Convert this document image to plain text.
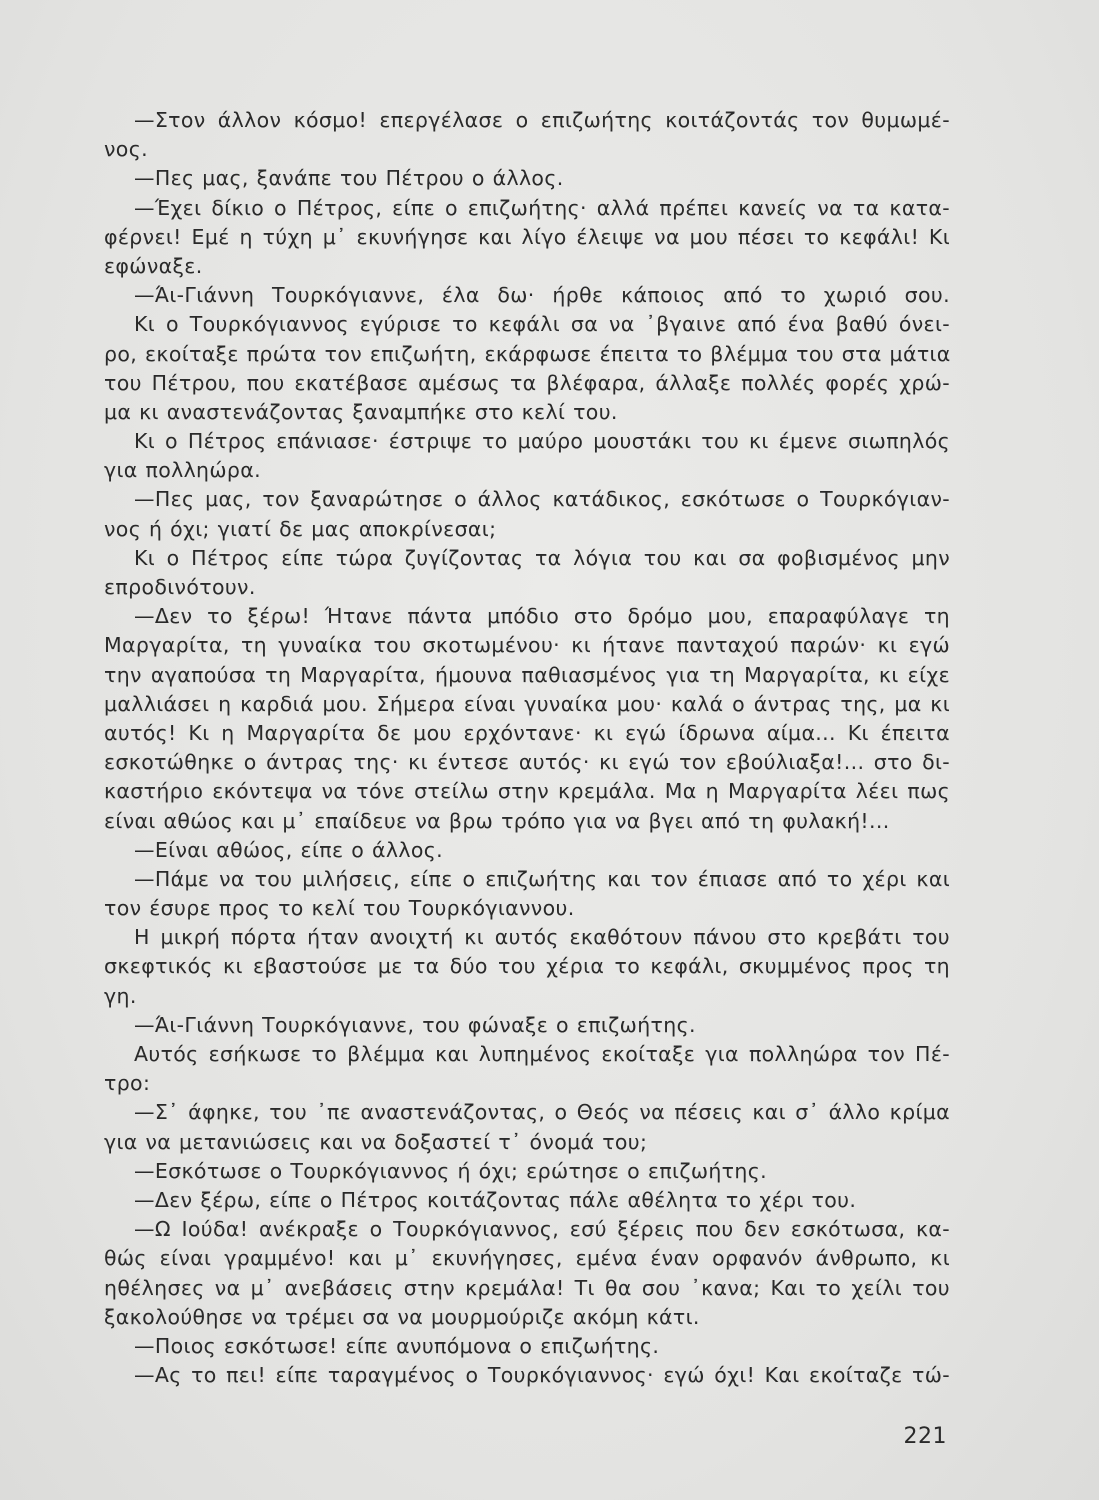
—Στον άλλον κόσμο! επεργέλασε ο επιζωήτης κοιτάζοντάς τον θυμωμέ-
νος.
—Πες μας, ξανάπε του Πέτρου ο άλλος.
—Έχει δίκιο ο Πέτρος, είπε ο επιζωήτης· αλλά πρέπει κανείς να τα κατα-
φέρνει! Εμέ η τύχη μ᾽ εκυνήγησε και λίγο έλειψε να μου πέσει το κεφάλι! Κι
εφώναξε.
—Άι-Γιάννη Τουρκόγιαννε, έλα δω· ήρθε κάποιος από το χωριό σου.
Κι ο Τουρκόγιαννος εγύρισε το κεφάλι σα να ᾽βγαινε από ένα βαθύ όνει-
ρο, εκοίταξε πρώτα τον επιζωήτη, εκάρφωσε έπειτα το βλέμμα του στα μάτια
του Πέτρου, που εκατέβασε αμέσως τα βλέφαρα, άλλαξε πολλές φορές χρώ-
μα κι αναστενάζοντας ξαναμπήκε στο κελί του.
Κι ο Πέτρος επάνιασε· έστριψε το μαύρο μουστάκι του κι έμενε σιωπηλός
για πολληώρα.
—Πες μας, τον ξαναρώτησε ο άλλος κατάδικος, εσκότωσε ο Τουρκόγιαν-
νος ή όχι; γιατί δε μας αποκρίνεσαι;
Κι ο Πέτρος είπε τώρα ζυγίζοντας τα λόγια του και σα φοβισμένος μην
επροδινότουν.
—Δεν το ξέρω! Ήτανε πάντα μπόδιο στο δρόμο μου, επαραφύλαγε τη
Μαργαρίτα, τη γυναίκα του σκοτωμένου· κι ήτανε πανταχού παρών· κι εγώ
την αγαπούσα τη Μαργαρίτα, ήμουνα παθιασμένος για τη Μαργαρίτα, κι είχε
μαλλιάσει η καρδιά μου. Σήμερα είναι γυναίκα μου· καλά ο άντρας της, μα κι
αυτός! Κι η Μαργαρίτα δε μου ερχόντανε· κι εγώ ίδρωνα αίμα... Κι έπειτα
εσκοτώθηκε ο άντρας της· κι έντεσε αυτός· κι εγώ τον εβούλιαξα!... στο δι-
καστήριο εκόντεψα να τόνε στείλω στην κρεμάλα. Μα η Μαργαρίτα λέει πως
είναι αθώος και μ᾽ επαίδευε να βρω τρόπο για να βγει από τη φυλακή!...
—Είναι αθώος, είπε ο άλλος.
—Πάμε να του μιλήσεις, είπε ο επιζωήτης και τον έπιασε από το χέρι και
τον έσυρε προς το κελί του Τουρκόγιαννου.
Η μικρή πόρτα ήταν ανοιχτή κι αυτός εκαθότουν πάνου στο κρεβάτι του
σκεφτικός κι εβαστούσε με τα δύο του χέρια το κεφάλι, σκυμμένος προς τη
γη.
—Άι-Γιάννη Τουρκόγιαννε, του φώναξε ο επιζωήτης.
Αυτός εσήκωσε το βλέμμα και λυπημένος εκοίταξε για πολληώρα τον Πέ-
τρο:
—Σ᾽ άφηκε, του ᾽πε αναστενάζοντας, ο Θεός να πέσεις και σ᾽ άλλο κρίμα
για να μετανιώσεις και να δοξαστεί τ᾽ όνομά του;
—Εσκότωσε ο Τουρκόγιαννος ή όχι; ερώτησε ο επιζωήτης.
—Δεν ξέρω, είπε ο Πέτρος κοιτάζοντας πάλε αθέλητα το χέρι του.
—Ω Ιούδα! ανέκραξε ο Τουρκόγιαννος, εσύ ξέρεις που δεν εσκότωσα, κα-
θώς είναι γραμμένο! και μ᾽ εκυνήγησες, εμένα έναν ορφανόν άνθρωπο, κι
ηθέλησες να μ᾽ ανεβάσεις στην κρεμάλα! Τι θα σου ᾽κανα; Και το χείλι του
ξακολούθησε να τρέμει σα να μουρμούριζε ακόμη κάτι.
—Ποιος εσκότωσε! είπε ανυπόμονα ο επιζωήτης.
—Ας το πει! είπε ταραγμένος ο Τουρκόγιαννος· εγώ όχι! Και εκοίταζε τώ-
221
